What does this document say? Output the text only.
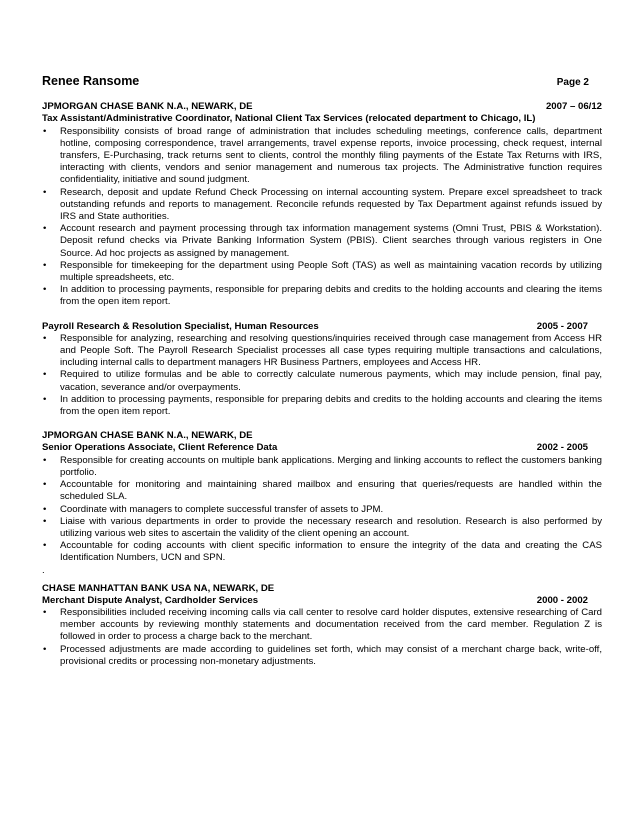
Renee Ransome	Page 2
JPMORGAN CHASE BANK N.A., NEWARK, DE	2007 – 06/12
Tax Assistant/Administrative Coordinator, National Client Tax Services (relocated department to Chicago, IL)
• Responsibility consists of broad range of administration that includes scheduling meetings, conference calls, department hotline, composing correspondence, travel arrangements, travel expense reports, invoice processing, check request, internal transfers, E-Purchasing, track returns sent to clients, control the monthly filing payments of the Estate Tax Returns with IRS, interacting with clients, vendors and senior management and numerous tax projects. The Administrative function requires confidentiality, initiative and sound judgment.
• Research, deposit and update Refund Check Processing on internal accounting system. Prepare excel spreadsheet to track outstanding refunds and reports to management. Reconcile refunds requested by Tax Department against refunds issued by IRS and State authorities.
• Account research and payment processing through tax information management systems (Omni Trust, PBIS & Workstation). Deposit refund checks via Private Banking Information System (PBIS). Client searches through various registers in One Source. Ad hoc projects as assigned by management.
• Responsible for timekeeping for the department using People Soft (TAS) as well as maintaining vacation records by utilizing multiple spreadsheets, etc.
• In addition to processing payments, responsible for preparing debits and credits to the holding accounts and clearing the items from the open item report.
Payroll Research & Resolution Specialist, Human Resources	2005 - 2007
• Responsible for analyzing, researching and resolving questions/inquiries received through case management from Access HR and People Soft. The Payroll Research Specialist processes all case types requiring multiple transactions and calculations, including internal calls to department managers HR Business Partners, employees and Access HR.
• Required to utilize formulas and be able to correctly calculate numerous payments, which may include pension, final pay, vacation, severance and/or overpayments.
• In addition to processing payments, responsible for preparing debits and credits to the holding accounts and clearing the items from the open item report.
JPMORGAN CHASE BANK N.A., NEWARK, DE
Senior Operations Associate, Client Reference Data	2002 - 2005
• Responsible for creating accounts on multiple bank applications. Merging and linking accounts to reflect the customers banking portfolio.
• Accountable for monitoring and maintaining shared mailbox and ensuring that queries/requests are handled within the scheduled SLA.
• Coordinate with managers to complete successful transfer of assets to JPM.
• Liaise with various departments in order to provide the necessary research and resolution. Research is also performed by utilizing various web sites to ascertain the validity of the client opening an account.
• Accountable for coding accounts with client specific information to ensure the integrity of the data and creating the CAS Identification Numbers, UCN and SPN.
.
CHASE MANHATTAN BANK USA NA, NEWARK, DE
Merchant Dispute Analyst, Cardholder Services	2000 - 2002
• Responsibilities included receiving incoming calls via call center to resolve card holder disputes, extensive researching of Card member accounts by reviewing monthly statements and documentation received from the card member. Regulation Z is followed in order to process a charge back to the merchant.
• Processed adjustments are made according to guidelines set forth, which may consist of a merchant charge back, write-off, provisional credits or processing non-monetary adjustments.
